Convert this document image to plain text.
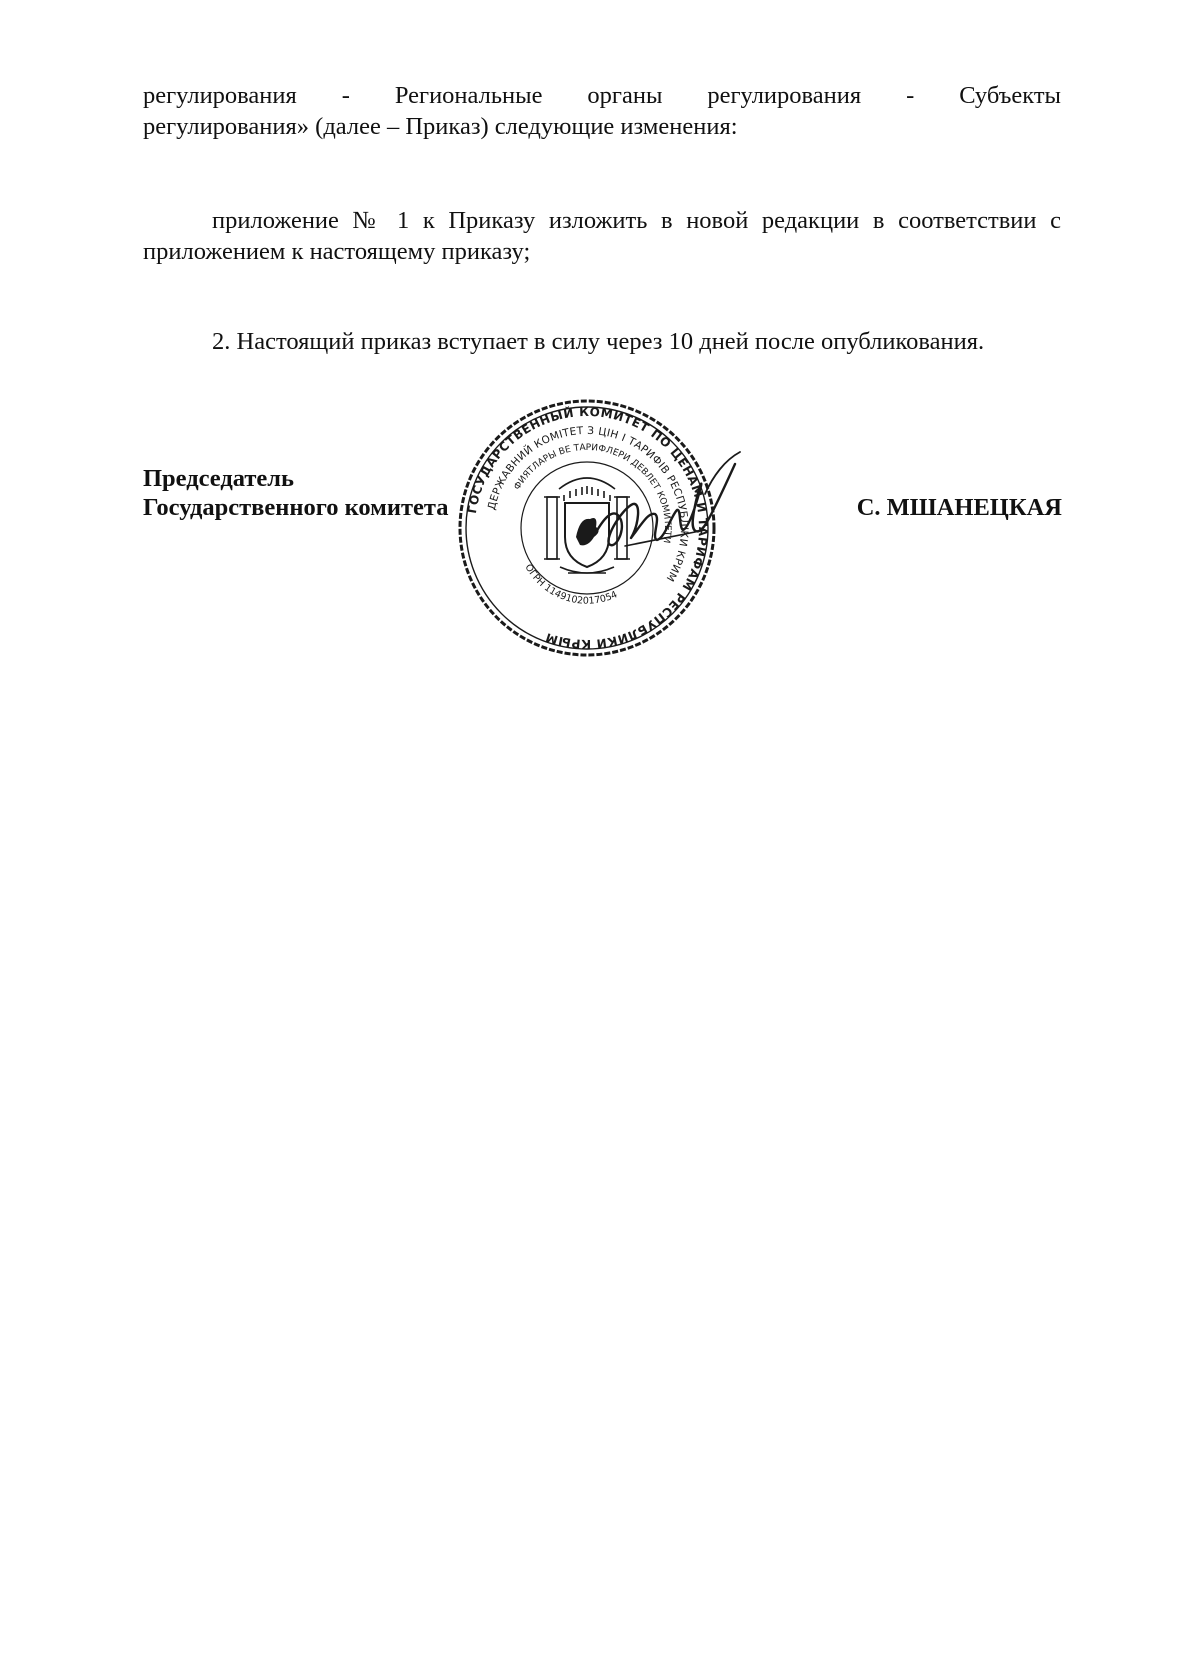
регулирования - Региональные органы регулирования - Субъекты
регулирования» (далее – Приказ) следующие изменения:
приложение № 1 к Приказу изложить в новой редакции в соответствии с
приложением к настоящему приказу;
2. Настоящий приказ вступает в силу через 10 дней после опубликования.
Председатель
Государственного комитета	С. МШАНЕЦКАЯ
ГОСУДАРСТВЕННЫЙ КОМИТЕТ ПО ЦЕНАМ И ТАРИФАМ РЕСПУБЛИКИ КРЫМ
ДЕРЖАВНИЙ КОМІТЕТ З ЦІН І ТАРИФІВ РЕСПУБЛІКИ КРИМ
ФИЯТЛАРЫ ВЕ ТАРИФЛЕРИ ДЕВЛЕТ КОМИТЕТИ
ОГРН 1149102017054
